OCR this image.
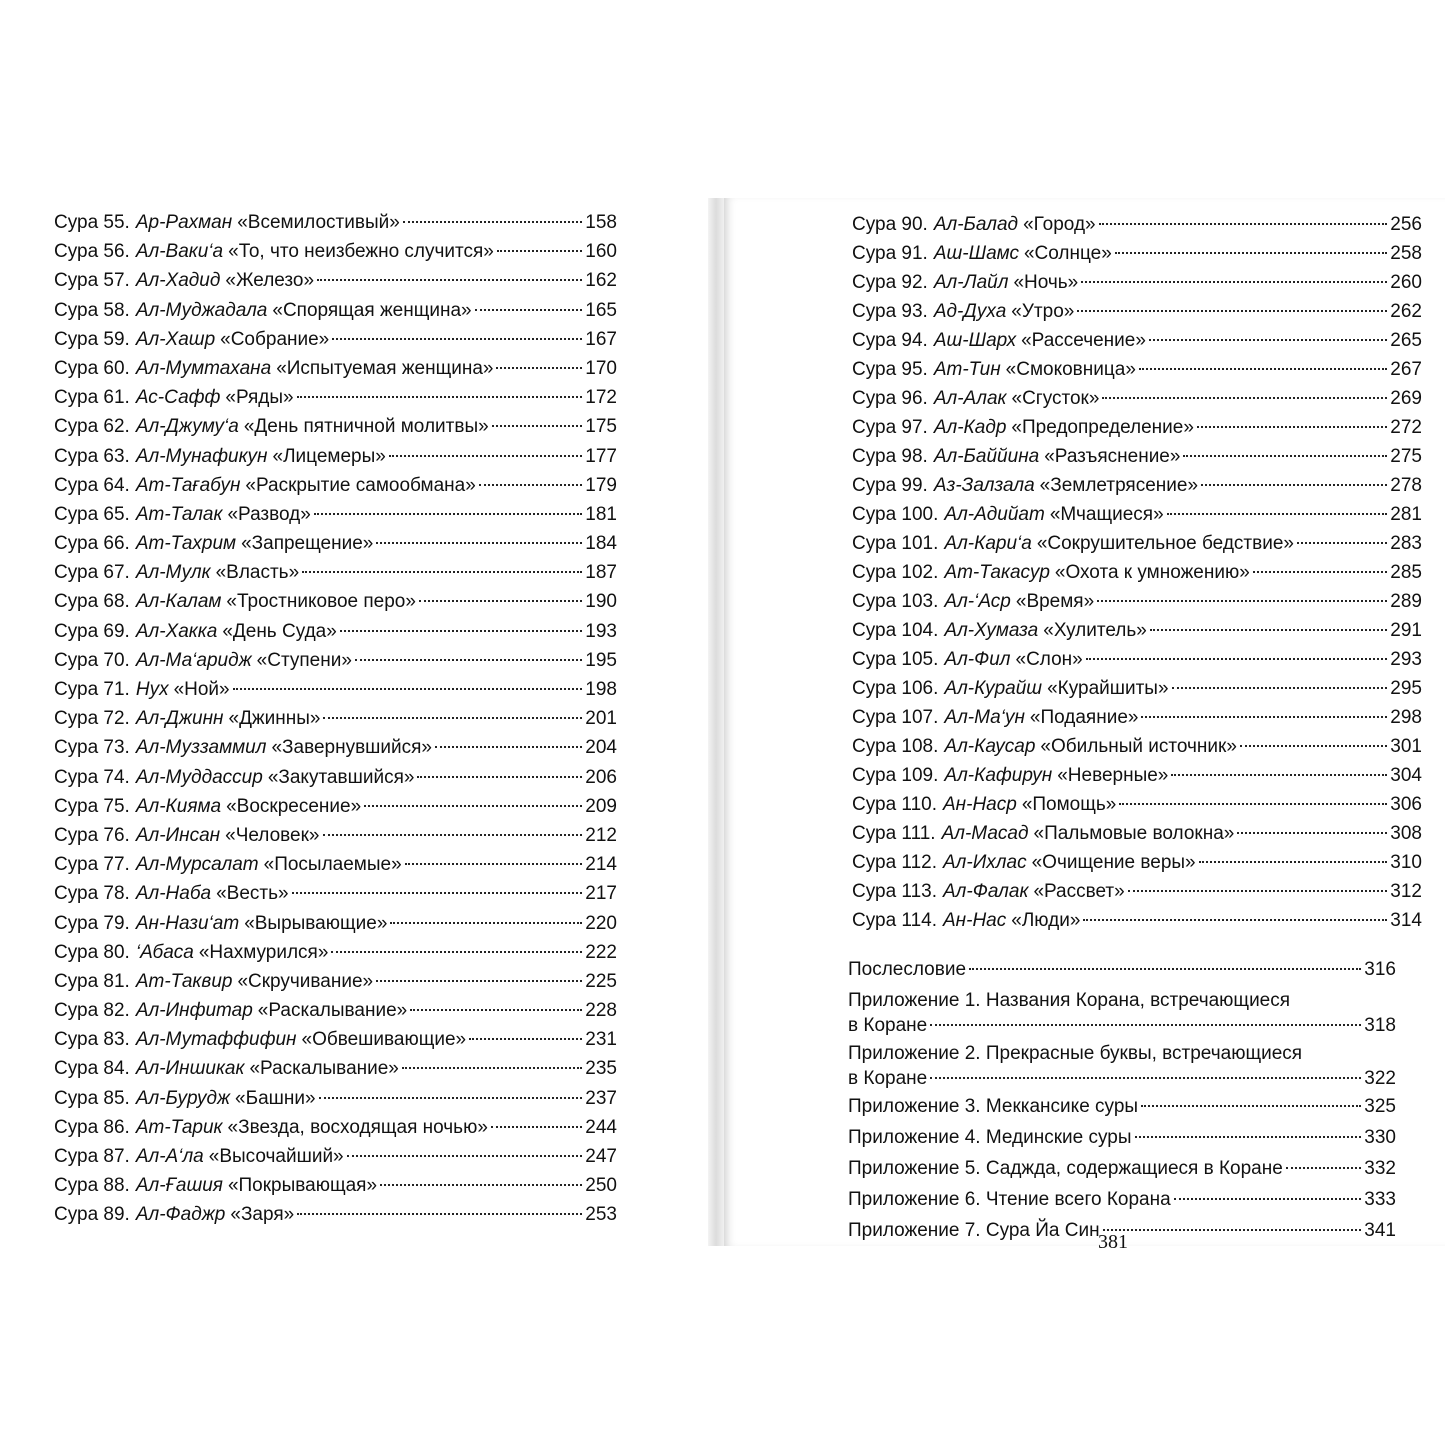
Сура 55. Ар-Рахман «Всемилостивый»	158
Сура 56. Ал-Ваки‘а «То, что неизбежно случится»	160
Сура 57. Ал-Хадид «Железо»	162
Сура 58. Ал-Муджадала «Спорящая женщина»	165
Сура 59. Ал-Хашр «Собрание»	167
Сура 60. Ал-Мумтахана «Испытуемая женщина»	170
Сура 61. Ас-Сафф «Ряды»	172
Сура 62. Ал-Джуму‘а «День пятничной молитвы»	175
Сура 63. Ал-Мунафикун «Лицемеры»	177
Сура 64. Ат-Тағабун «Раскрытие самообмана»	179
Сура 65. Ат-Талак «Развод»	181
Сура 66. Ат-Тахрим «Запрещение»	184
Сура 67. Ал-Мулк «Власть»	187
Сура 68. Ал-Калам «Тростниковое перо»	190
Сура 69. Ал-Хакка «День Суда»	193
Сура 70. Ал-Ма‘аридж «Ступени»	195
Сура 71. Нух «Ной»	198
Сура 72. Ал-Джинн «Джинны»	201
Сура 73. Ал-Муззаммил «Завернувшийся»	204
Сура 74. Ал-Муддассир «Закутавшийся»	206
Сура 75. Ал-Кияма «Воскресение»	209
Сура 76. Ал-Инсан «Человек»	212
Сура 77. Ал-Мурсалат «Посылаемые»	214
Сура 78. Ал-Наба «Весть»	217
Сура 79. Ан-Нази‘ат «Вырывающие»	220
Сура 80. ‘Абаса «Нахмурился»	222
Сура 81. Ат-Таквир «Скручивание»	225
Сура 82. Ал-Инфитар «Раскалывание»	228
Сура 83. Ал-Мутаффифин «Обвешивающие»	231
Сура 84. Ал-Иншикак «Раскалывание»	235
Сура 85. Ал-Бурудж «Башни»	237
Сура 86. Ат-Тарик «Звезда, восходящая ночью»	244
Сура 87. Ал-А‘ла «Высочайший»	247
Сура 88. Ал-Ғашия «Покрывающая»	250
Сура 89. Ал-Фаджр «Заря»	253
Сура 90. Ал-Балад «Город»	256
Сура 91. Аш-Шамс «Солнце»	258
Сура 92. Ал-Лайл «Ночь»	260
Сура 93. Ад-Духа «Утро»	262
Сура 94. Аш-Шарх «Рассечение»	265
Сура 95. Ат-Тин «Смоковница»	267
Сура 96. Ал-Алак «Сгусток»	269
Сура 97. Ал-Кадр «Предопределение»	272
Сура 98. Ал-Баййина «Разъяснение»	275
Сура 99. Аз-Залзала «Землетрясение»	278
Сура 100. Ал-Адийат «Мчащиеся»	281
Сура 101. Ал-Кари‘а «Сокрушительное бедствие»	283
Сура 102. Ат-Такасур «Охота к умножению»	285
Сура 103. Ал-‘Аср «Время»	289
Сура 104. Ал-Хумаза «Хулитель»	291
Сура 105. Ал-Фил «Слон»	293
Сура 106. Ал-Курайш «Курайшиты»	295
Сура 107. Ал-Ма‘ун «Подаяние»	298
Сура 108. Ал-Каусар «Обильный источник»	301
Сура 109. Ал-Кафирун «Неверные»	304
Сура 110. Ан-Наср «Помощь»	306
Сура 111. Ал-Масад «Пальмовые волокна»	308
Сура 112. Ал-Ихлас «Очищение веры»	310
Сура 113. Ал-Фалак «Рассвет»	312
Сура 114. Ан-Нас «Люди»	314
Послесловие	316
Приложение 1. Названия Корана, встречающиеся
в Коране	318
Приложение 2. Прекрасные буквы, встречающиеся
в Коране	322
Приложение 3. Меккансике суры	325
Приложение 4. Мединские суры	330
Приложение 5. Саджда, содержащиеся в Коране	332
Приложение 6. Чтение всего Корана	333
Приложение 7. Сура Йа Син	341
381
